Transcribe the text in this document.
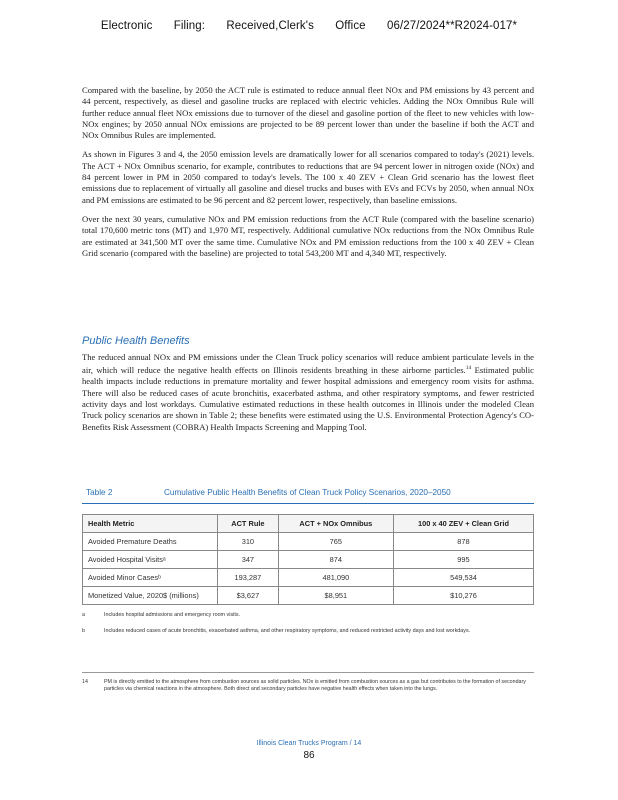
Electronic Filing: Received,Clerk's Office 06/27/2024**R2024-017*

Compared with the baseline, by 2050 the ACT rule is estimated to reduce annual fleet NOx and PM emissions by 43 percent and 44 percent, respectively, as diesel and gasoline trucks are replaced with electric vehicles. Adding the NOx Omnibus Rule will further reduce annual fleet NOx emissions due to turnover of the diesel and gasoline portion of the fleet to new vehicles with low-NOx engines; by 2050 annual NOx emissions are projected to be 89 percent lower than under the baseline if both the ACT and NOx Omnibus Rules are implemented.

As shown in Figures 3 and 4, the 2050 emission levels are dramatically lower for all scenarios compared to today's (2021) levels. The ACT + NOx Omnibus scenario, for example, contributes to reductions that are 94 percent lower in nitrogen oxide (NOx) and 84 percent lower in PM in 2050 compared to today's levels. The 100 x 40 ZEV + Clean Grid scenario has the lowest fleet emissions due to replacement of virtually all gasoline and diesel trucks and buses with EVs and FCVs by 2050, when annual NOx and PM emissions are estimated to be 96 percent and 82 percent lower, respectively, than baseline emissions.

Over the next 30 years, cumulative NOx and PM emission reductions from the ACT Rule (compared with the baseline scenario) total 170,600 metric tons (MT) and 1,970 MT, respectively. Additional cumulative NOx reductions from the NOx Omnibus Rule are estimated at 341,500 MT over the same time. Cumulative NOx and PM emission reductions from the 100 x 40 ZEV + Clean Grid scenario (compared with the baseline) are projected to total 543,200 MT and 4,340 MT, respectively.

Public Health Benefits

The reduced annual NOx and PM emissions under the Clean Truck policy scenarios will reduce ambient particulate levels in the air, which will reduce the negative health effects on Illinois residents breathing in these airborne particles.$^{14}$ Estimated public health impacts include reductions in premature mortality and fewer hospital admissions and emergency room visits for asthma. There will also be reduced cases of acute bronchitis, exacerbated asthma, and other respiratory symptoms, and fewer restricted activity days and lost workdays. Cumulative estimated reductions in these health outcomes in Illinois under the modeled Clean Truck policy scenarios are shown in Table 2; these benefits were estimated using the U.S. Environmental Protection Agency's CO-Benefits Risk Assessment (COBRA) Health Impacts Screening and Mapping Tool.

Table 2	Cumulative Public Health Benefits of Clean Truck Policy Scenarios, 2020–2050
Health Metric	ACT Rule	ACT + NOx Omnibus	100 x 40 ZEV + Clean Grid
Avoided Premature Deaths	310	765	878
Avoided Hospital Visitsᵃ	347	874	995
Avoided Minor Casesᵇ	193,287	481,090	549,534
Monetized Value, 2020$ (millions)	$3,627	$8,951	$10,276
a	Includes hospital admissions and emergency room visits.
b	Includes reduced cases of acute bronchitis, exacerbated asthma, and other respiratory symptoms, and reduced restricted activity days and lost workdays.
14	PM is directly emitted to the atmosphere from combustion sources as solid particles. NOx is emitted from combustion sources as a gas but contributes to the formation of secondary particles via chemical reactions in the atmosphere. Both direct and secondary particles have negative health effects when taken into the lungs.
Illinois Clean Trucks Program / 14
86
